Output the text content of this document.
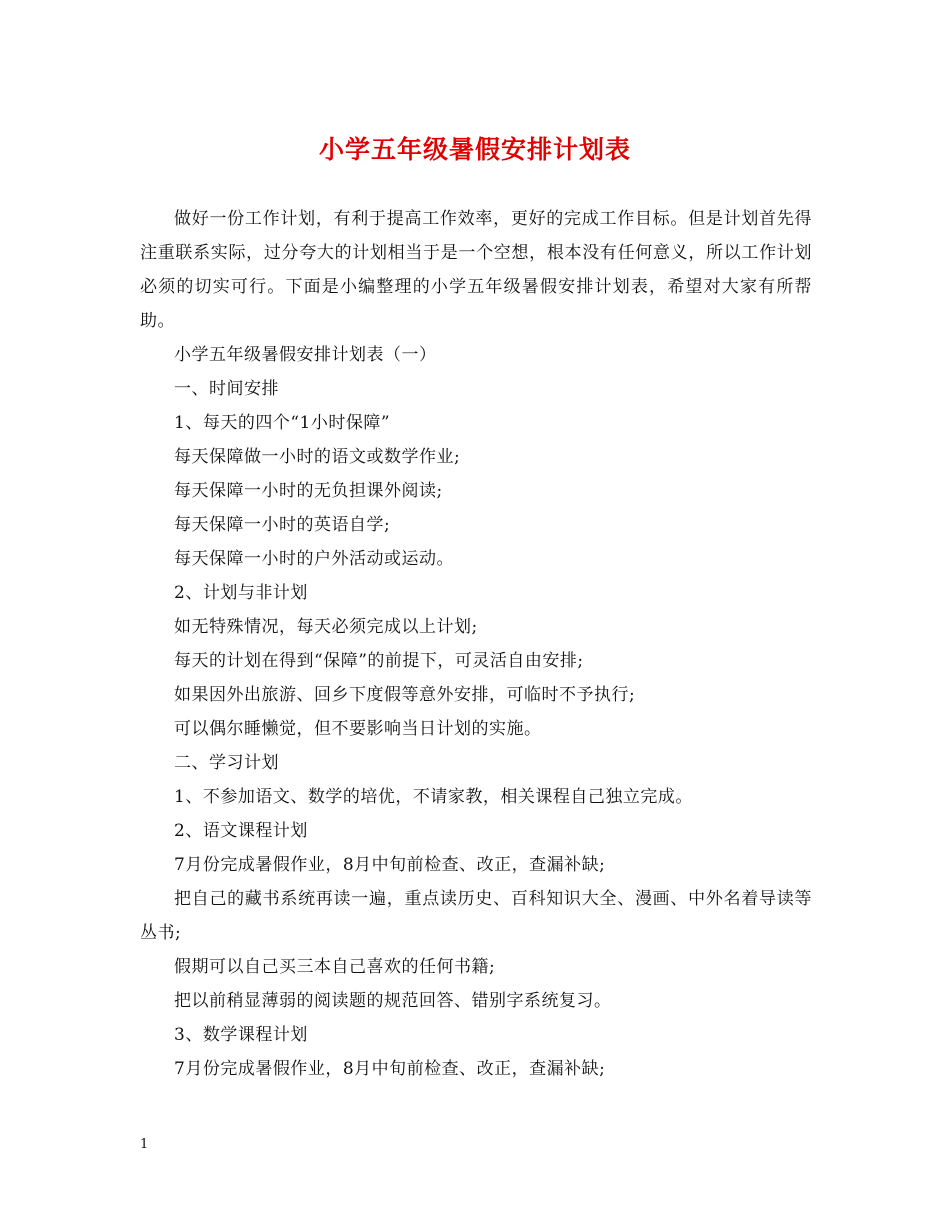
小学五年级暑假安排计划表

做好一份工作计划，有利于提高工作效率，更好的完成工作目标。但是计划首先得注重联系实际，过分夸大的计划相当于是一个空想，根本没有任何意义，所以工作计划必须的切实可行。下面是小编整理的小学五年级暑假安排计划表，希望对大家有所帮助。

小学五年级暑假安排计划表（一）

一、时间安排

1、每天的四个“1小时保障”

每天保障做一小时的语文或数学作业;

每天保障一小时的无负担课外阅读;

每天保障一小时的英语自学;

每天保障一小时的户外活动或运动。

2、计划与非计划

如无特殊情况，每天必须完成以上计划;

每天的计划在得到“保障”的前提下，可灵活自由安排;

如果因外出旅游、回乡下度假等意外安排，可临时不予执行;

可以偶尔睡懒觉，但不要影响当日计划的实施。

二、学习计划

1、不参加语文、数学的培优，不请家教，相关课程自己独立完成。

2、语文课程计划

7月份完成暑假作业，8月中旬前检查、改正，查漏补缺;

把自己的藏书系统再读一遍，重点读历史、百科知识大全、漫画、中外名着导读等丛书;

假期可以自己买三本自己喜欢的任何书籍;

把以前稍显薄弱的阅读题的规范回答、错别字系统复习。

3、数学课程计划

7月份完成暑假作业，8月中旬前检查、改正，查漏补缺;

1
